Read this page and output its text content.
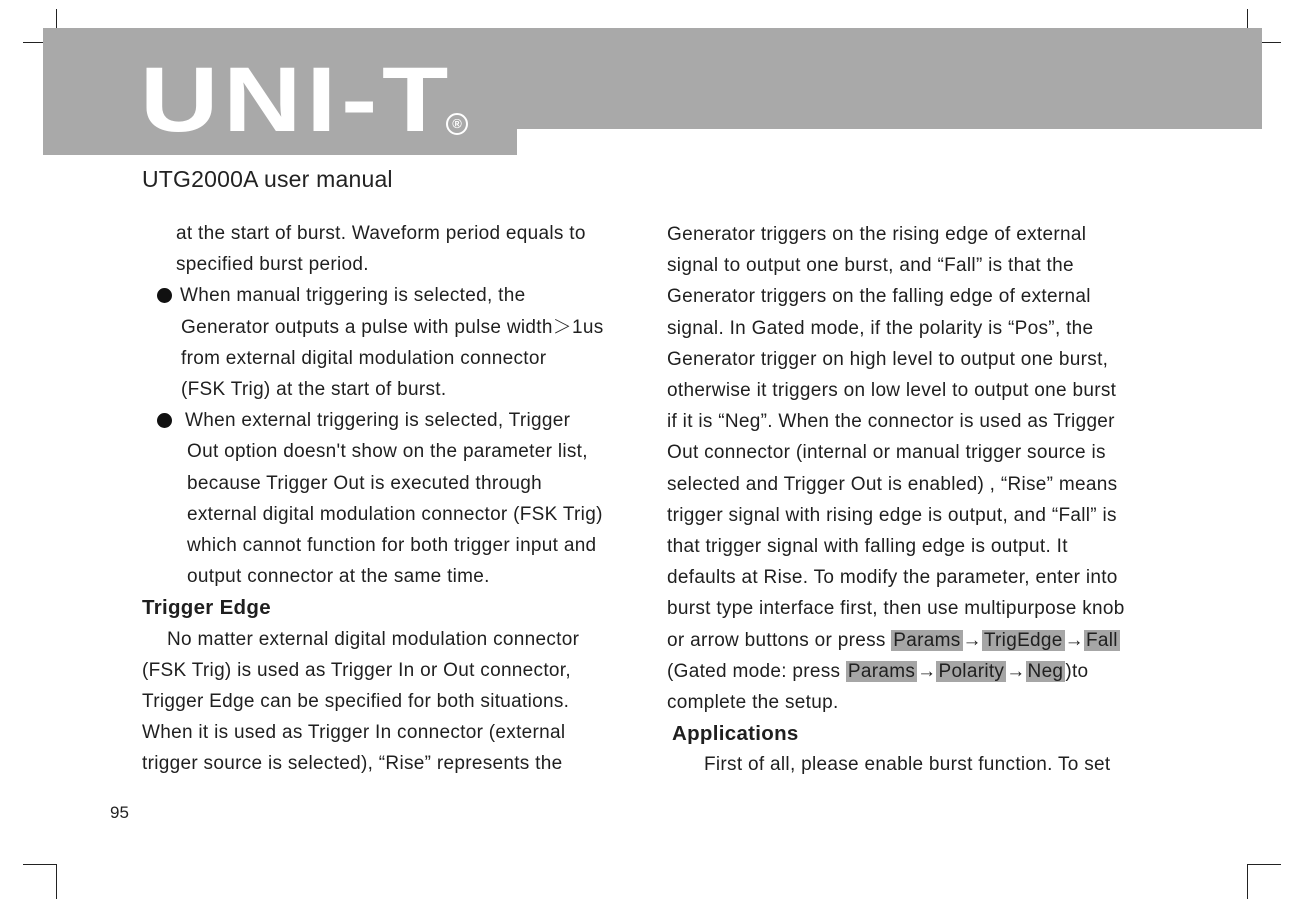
UNI-T ®
UTG2000A user manual

at the start of burst. Waveform period equals to

specified burst period.

When manual triggering is selected, the

Generator outputs a pulse with pulse width＞1us

from external digital modulation connector

(FSK Trig) at the start of burst.

When external triggering is selected, Trigger

Out option doesn't show on the parameter list,

because Trigger Out is executed through

external digital modulation connector (FSK Trig)

which cannot function for both trigger input and

output connector at the same time.

Trigger Edge

No matter external digital modulation connector

(FSK Trig) is used as Trigger In or Out connector,

Trigger Edge can be specified for both situations.

When it is used as Trigger In connector (external

trigger source is selected), “Rise” represents the

Generator triggers on the rising edge of external

signal to output one burst, and “Fall” is that the

Generator triggers on the falling edge of external

signal. In Gated mode, if the polarity is “Pos”, the

Generator trigger on high level to output one burst,

otherwise it triggers on low level to output one burst

if it is “Neg”. When the connector is used as Trigger

Out connector (internal or manual trigger source is

selected and Trigger Out is enabled) , “Rise” means

trigger signal with rising edge is output, and “Fall” is

that trigger signal with falling edge is output. It

defaults at Rise. To modify the parameter, enter into

burst type interface first, then use multipurpose knob

or arrow buttons or press Params → TrigEdge → Fall

(Gated mode: press Params → Polarity → Neg )to

complete the setup.

Applications

First of all, please enable burst function. To set

95
